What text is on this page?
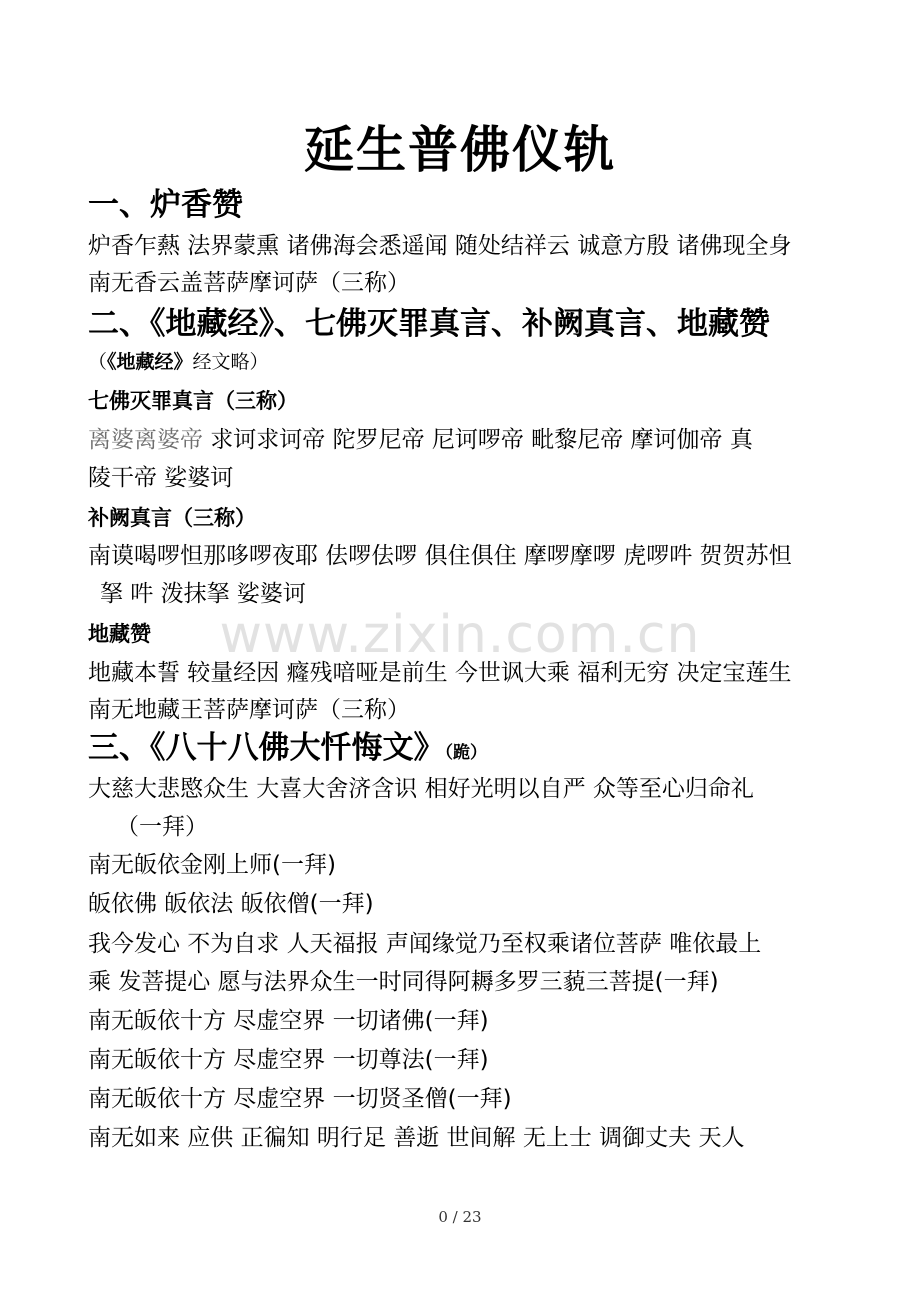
www.zixin.com.cn
延生普佛仪轨
一、炉香赞
炉香乍爇 法界蒙熏 诸佛海会悉遥闻 随处结祥云 诚意方殷 诸佛现全身
南无香云盖菩萨摩诃萨（三称）
二、《地藏经》、七佛灭罪真言、补阙真言、地藏赞
（《地藏经》经文略）
七佛灭罪真言（三称）
离婆离婆帝 求诃求诃帝 陀罗尼帝 尼诃啰帝 毗黎尼帝 摩诃伽帝 真
陵干帝 娑婆诃
补阙真言（三称）
南谟喝啰怛那哆啰夜耶 佉啰佉啰 俱住俱住 摩啰摩啰 虎啰吽 贺贺苏怛
拏 吽 泼抹拏 娑婆诃
地藏赞
地藏本誓 较量经因 癃残喑哑是前生 今世讽大乘 福利无穷 决定宝莲生
南无地藏王菩萨摩诃萨（三称）
三、《八十八佛大忏悔文》（跪）
大慈大悲愍众生 大喜大舍济含识 相好光明以自严 众等至心归命礼
（一拜）
南无皈依金刚上师(一拜)
皈依佛 皈依法 皈依僧(一拜)
我今发心 不为自求 人天福报 声闻缘觉乃至权乘诸位菩萨 唯依最上
乘 发菩提心 愿与法界众生一时同得阿耨多罗三藐三菩提(一拜)
南无皈依十方 尽虚空界 一切诸佛(一拜)
南无皈依十方 尽虚空界 一切尊法(一拜)
南无皈依十方 尽虚空界 一切贤圣僧(一拜)
南无如来 应供 正徧知 明行足 善逝 世间解 无上士 调御丈夫 天人
0 / 23
